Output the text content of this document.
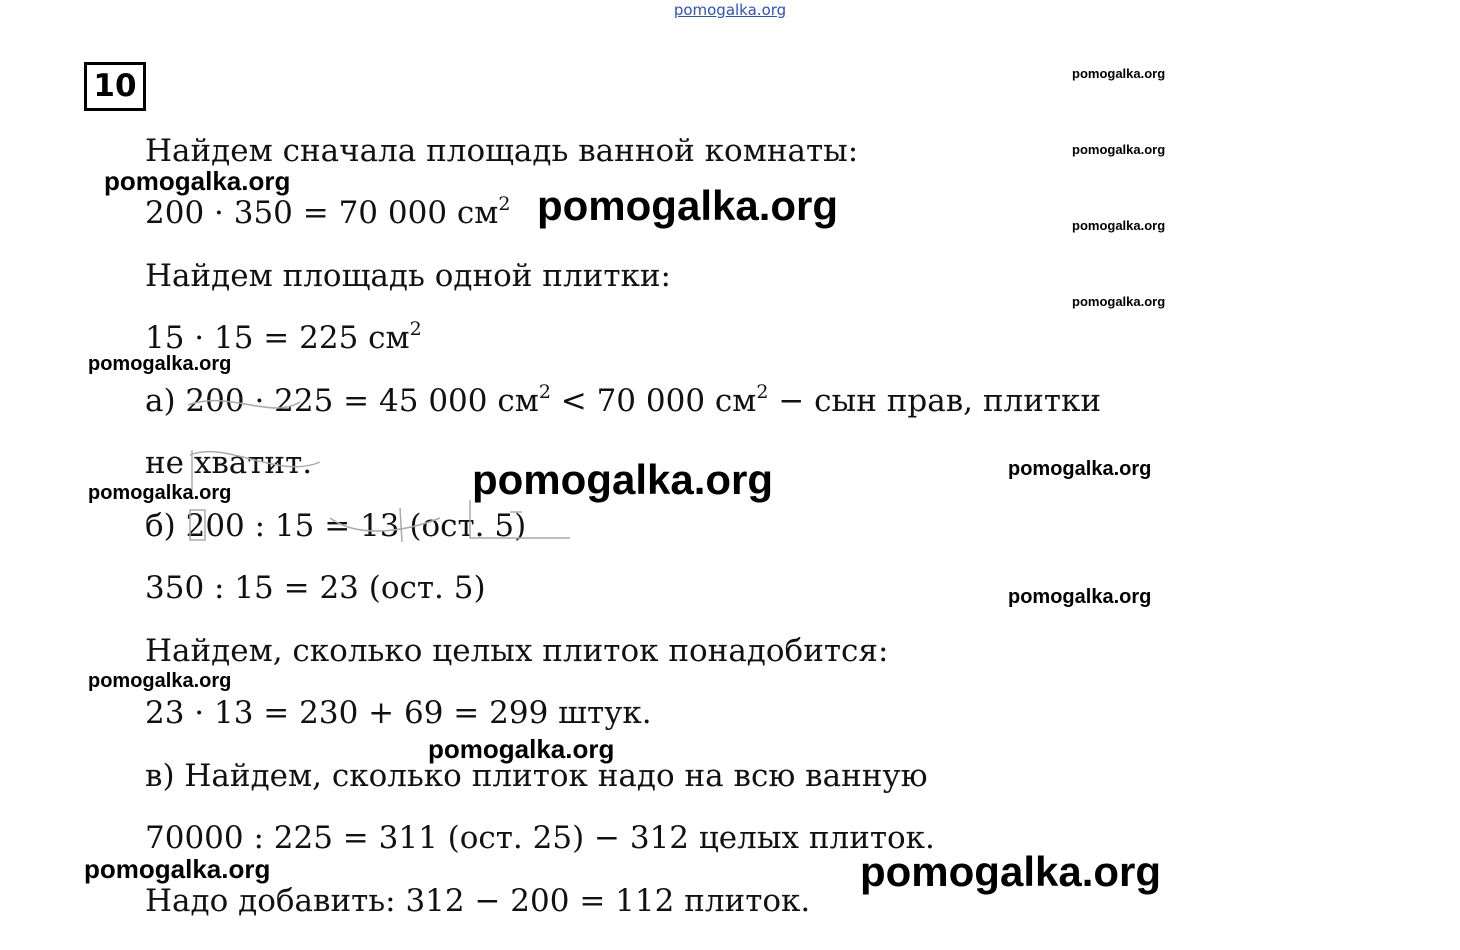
pomogalka.org
10
Найдем сначала площадь ванной комнаты:
200 · 350 = 70 000 $см^2$
Найдем площадь одной плитки:
15 · 15 = 225 $см^2$
а) 200 · 225 = 45 000 $см^2 < 70$ 000 $см^2$ − сын прав, плитки
не хватит.
б) 200 : 15 = 13 (ост. 5)
350 : 15 = 23 (ост. 5)
Найдем, сколько целых плиток понадобится:
23 · 13 = 230 + 69 = 299 штук.
в) Найдем, сколько плиток надо на всю ванную
70000 : 225 = 311 (ост. 25) − 312 целых плиток.
Надо добавить: 312 − 200 = 112 плиток.
pomogalka.org
pomogalka.org
pomogalka.org
pomogalka.org
pomogalka.org
pomogalka.org
pomogalka.org
pomogalka.org	pomogalka.org
pomogalka.org
pomogalka.org
pomogalka.org
pomogalka.org
pomogalka.org	pomogalka.org
